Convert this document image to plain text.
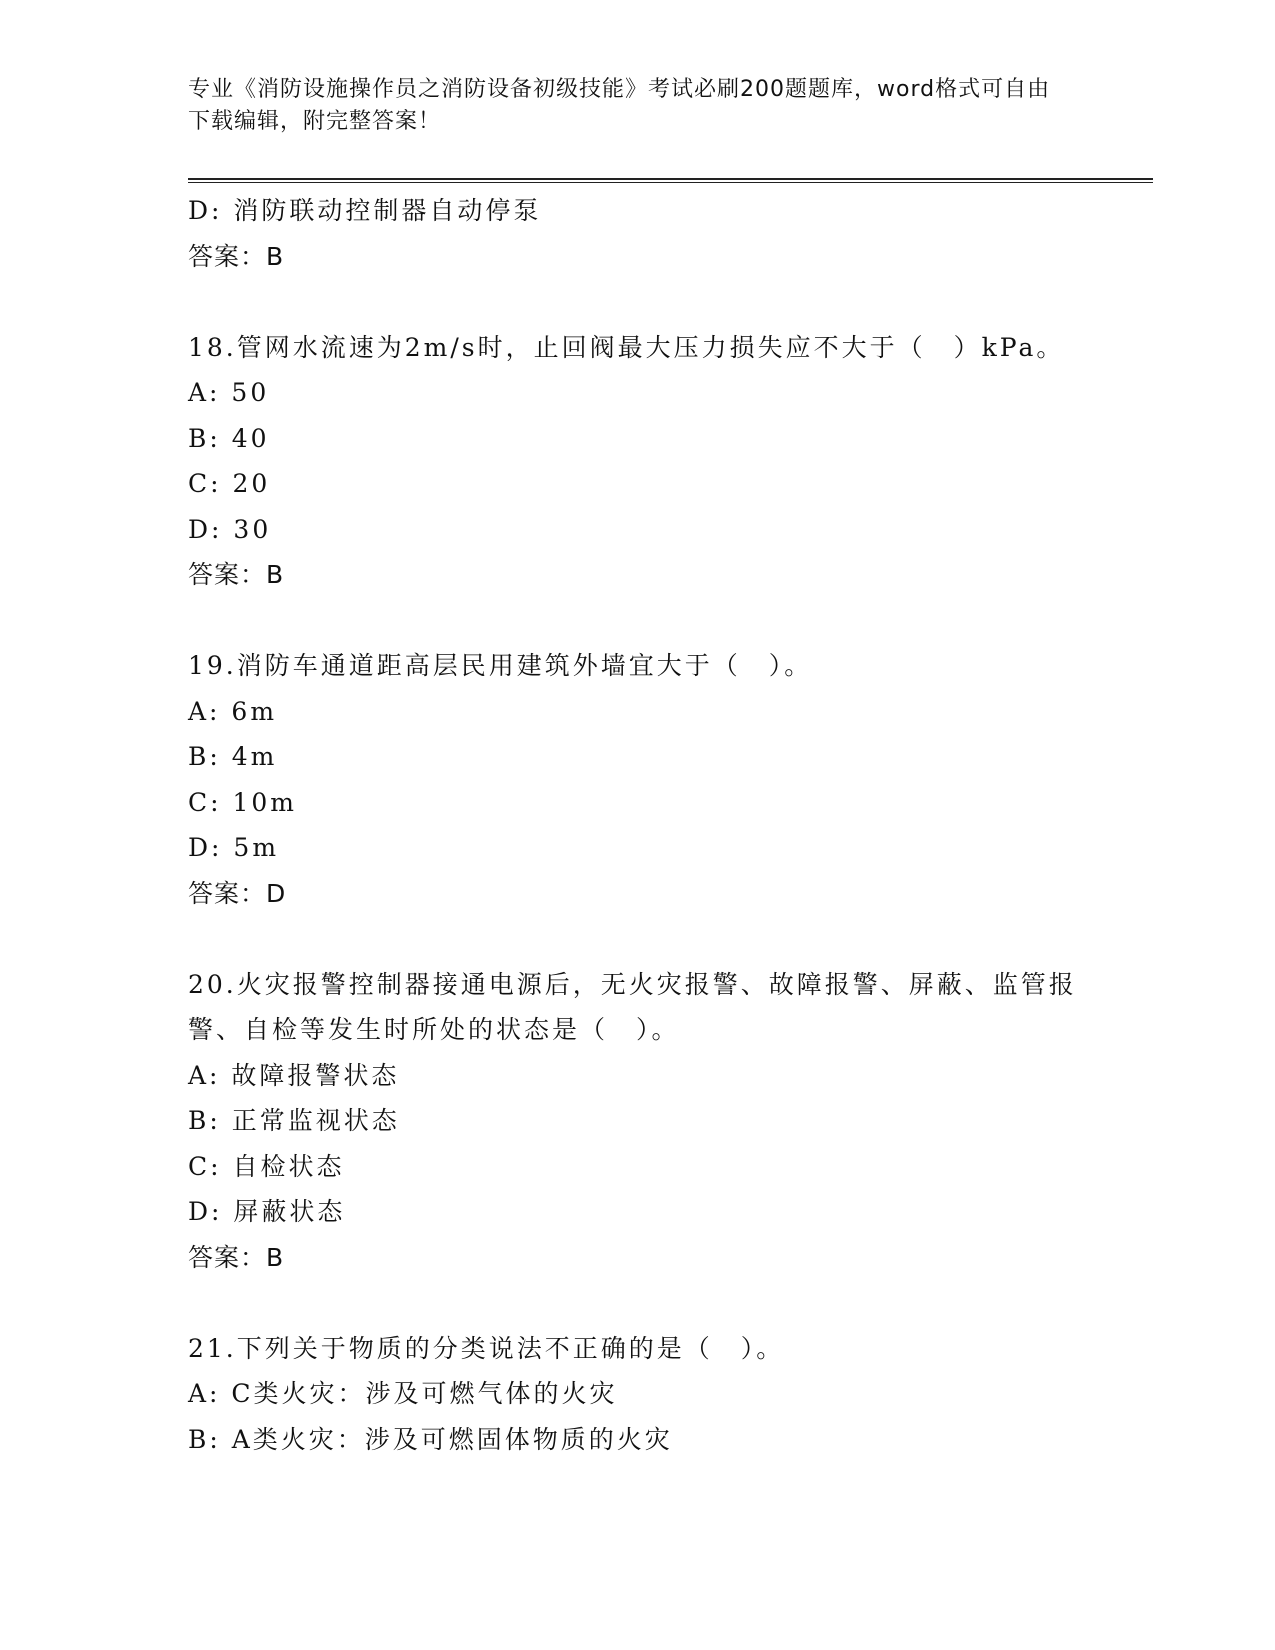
专业《消防设施操作员之消防设备初级技能》考试必刷200题题库，word格式可自由下载编辑，附完整答案！
D: 消防联动控制器自动停泵
答案：B
18.管网水流速为2m/s时，止回阀最大压力损失应不大于（　）kPa。
A: 50
B: 40
C: 20
D: 30
答案：B
19.消防车通道距高层民用建筑外墙宜大于（　）。
A: 6m
B: 4m
C: 10m
D: 5m
答案：D
20.火灾报警控制器接通电源后，无火灾报警、故障报警、屏蔽、监管报警、自检等发生时所处的状态是（　）。
A: 故障报警状态
B: 正常监视状态
C: 自检状态
D: 屏蔽状态
答案：B
21.下列关于物质的分类说法不正确的是（　）。
A: C类火灾：涉及可燃气体的火灾
B: A类火灾：涉及可燃固体物质的火灾
